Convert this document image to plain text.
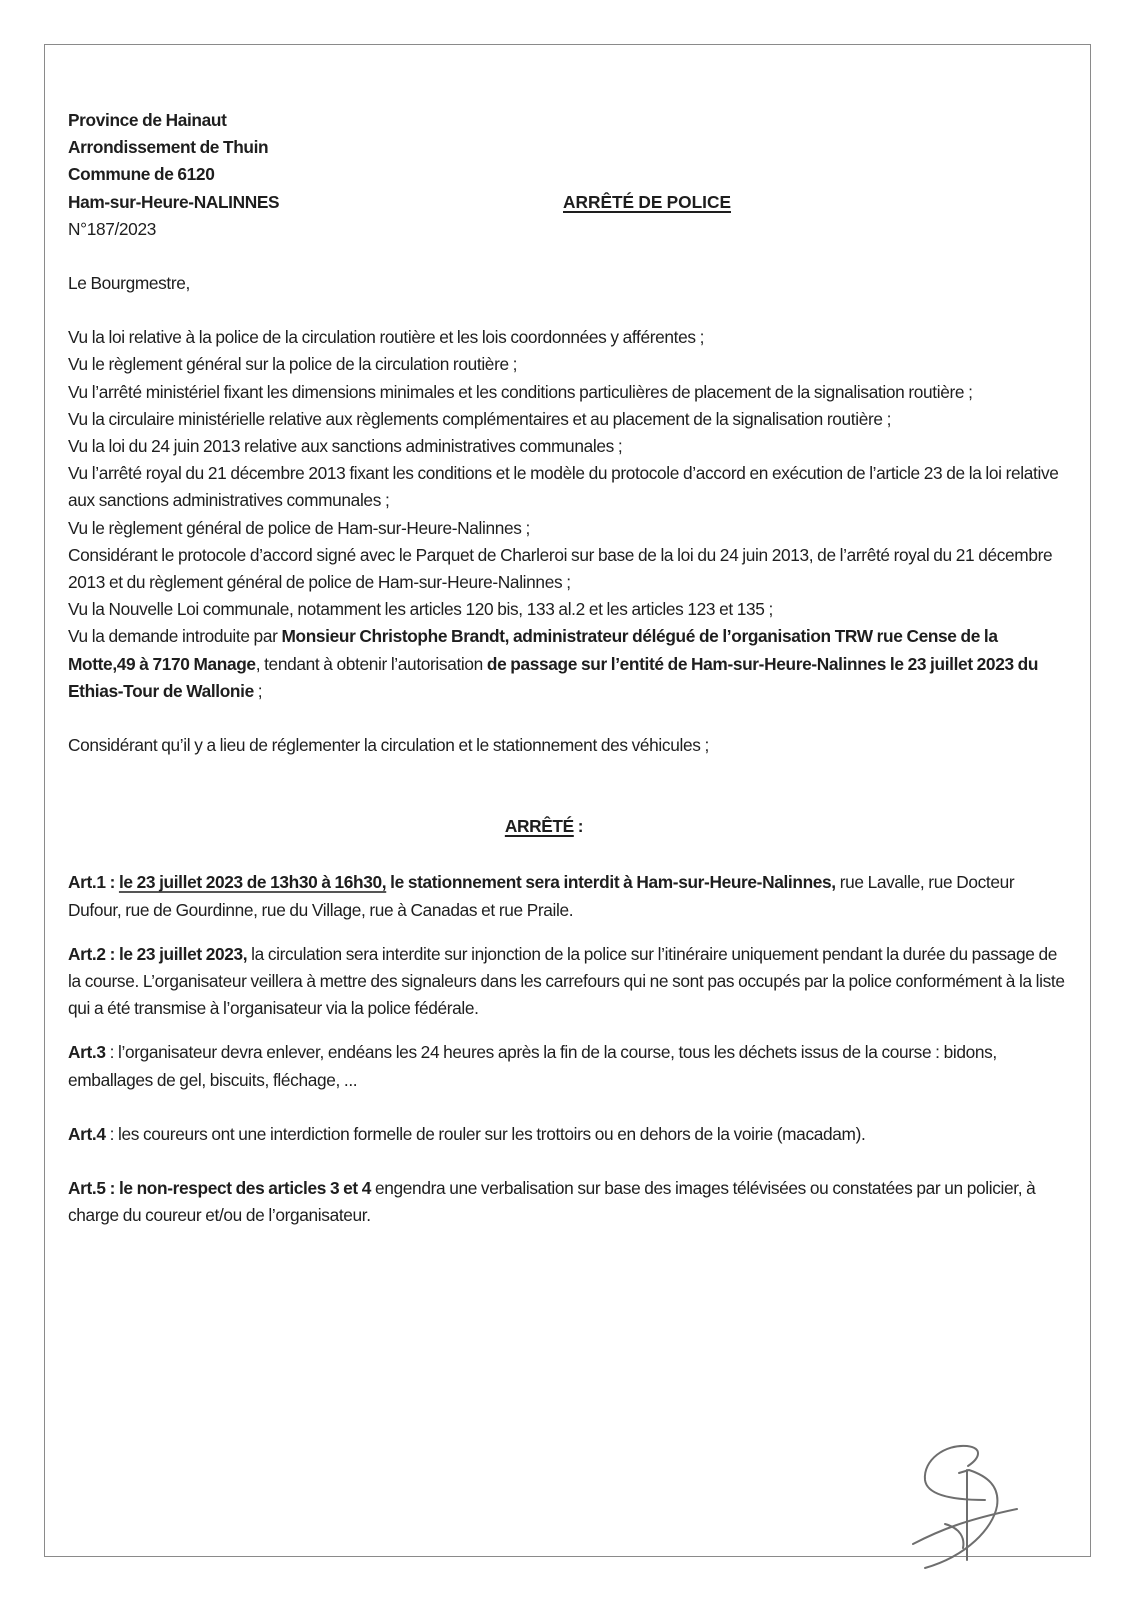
Province de Hainaut
Arrondissement de Thuin
Commune de 6120
Ham-sur-Heure-NALINNES
N°187/2023
ARRÊTÉ DE POLICE

Le Bourgmestre,

Vu la loi relative à la police de la circulation routière et les lois coordonnées y afférentes ;
Vu le règlement général sur la police de la circulation routière ;
Vu l’arrêté ministériel fixant les dimensions minimales et les conditions particulières de placement de la signalisation routière ;
Vu la circulaire ministérielle relative aux règlements complémentaires et au placement de la signalisation routière ;
Vu la loi du 24 juin 2013 relative aux sanctions administratives communales ;
Vu l’arrêté royal du 21 décembre 2013 fixant les conditions et le modèle du protocole d’accord en exécution de l’article 23 de la loi relative aux sanctions administratives communales ;
Vu le règlement général de police de Ham-sur-Heure-Nalinnes ;
Considérant le protocole d’accord signé avec le Parquet de Charleroi sur base de la loi du 24 juin 2013, de l’arrêté royal du 21 décembre 2013 et du règlement général de police de Ham-sur-Heure-Nalinnes ;
Vu la Nouvelle Loi communale, notamment les articles 120 bis, 133 al.2 et les articles 123 et 135 ;
Vu la demande introduite par Monsieur Christophe Brandt, administrateur délégué de l’organisation TRW rue Cense de la Motte,49 à 7170 Manage, tendant à obtenir l’autorisation de passage sur l’entité de Ham-sur-Heure-Nalinnes le 23 juillet 2023 du Ethias-Tour de Wallonie ;

Considérant qu’il y a lieu de réglementer la circulation et le stationnement des véhicules ;

ARRÊTÉ :

Art.1 : le 23 juillet 2023 de 13h30 à 16h30, le stationnement sera interdit à Ham-sur-Heure-Nalinnes, rue Lavalle, rue Docteur Dufour, rue de Gourdinne, rue du Village, rue à Canadas et rue Praile.

Art.2 : le 23 juillet 2023, la circulation sera interdite sur injonction de la police sur l’itinéraire uniquement pendant la durée du passage de la course. L’organisateur veillera à mettre des signaleurs dans les carrefours qui ne sont pas occupés par la police conformément à la liste qui a été transmise à l’organisateur via la police fédérale.

Art.3 : l’organisateur devra enlever, endéans les 24 heures après la fin de la course, tous les déchets issus de la course : bidons, emballages de gel, biscuits, fléchage, ...

Art.4 : les coureurs ont une interdiction formelle de rouler sur les trottoirs ou en dehors de la voirie (macadam).

Art.5 : le non-respect des articles 3 et 4 engendra une verbalisation sur base des images télévisées ou constatées par un policier, à charge du coureur et/ou de l’organisateur.
